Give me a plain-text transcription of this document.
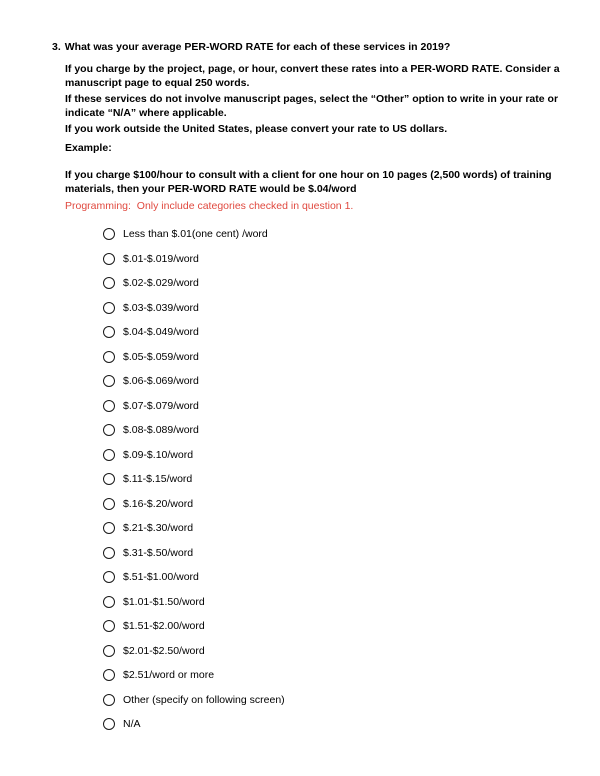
3. What was your average PER-WORD RATE for each of these services in 2019?

If you charge by the project, page, or hour, convert these rates into a PER-WORD RATE. Consider a manuscript page to equal 250 words.

If these services do not involve manuscript pages, select the “Other” option to write in your rate or indicate “N/A” where applicable.

If you work outside the United States, please convert your rate to US dollars.

Example:

If you charge $100/hour to consult with a client for one hour on 10 pages (2,500 words) of training materials, then your PER-WORD RATE would be $.04/word

Programming:  Only include categories checked in question 1.

Less than $.01(one cent) /word
$.01-$.019/word
$.02-$.029/word
$.03-$.039/word
$.04-$.049/word
$.05-$.059/word
$.06-$.069/word
$.07-$.079/word
$.08-$.089/word
$.09-$.10/word
$.11-$.15/word
$.16-$.20/word
$.21-$.30/word
$.31-$.50/word
$.51-$1.00/word
$1.01-$1.50/word
$1.51-$2.00/word
$2.01-$2.50/word
$2.51/word or more
Other (specify on following screen)
N/A
